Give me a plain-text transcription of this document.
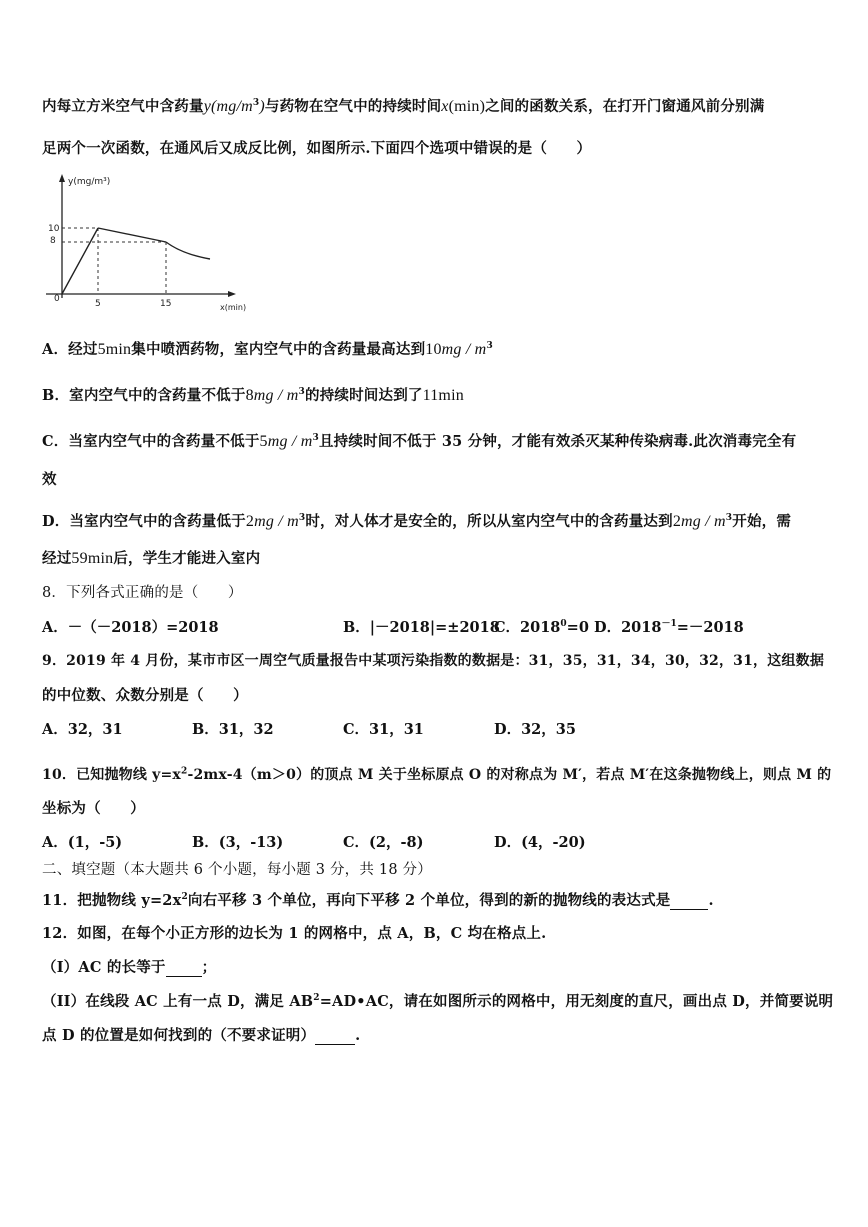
内每立方米空气中含药量$y(mg/m^3)$与药物在空气中的持续时间x(min)之间的函数关系，在打开门窗通风前分别满
足两个一次函数，在通风后又成反比例，如图所示.下面四个选项中错误的是（　　）
y(mg/m³)
10
8
0	5	15	x(min)
A．经过5min集中喷洒药物，室内空气中的含药量最高达到$10mg / m^3$
B．室内空气中的含药量不低于$8mg / m^3$的持续时间达到了11min
C．当室内空气中的含药量不低于$5mg / m^3$且持续时间不低于 35 分钟，才能有效杀灭某种传染病毒.此次消毒完全有
效
D．当室内空气中的含药量低于$2mg / m^3$时，对人体才是安全的，所以从室内空气中的含药量达到$2mg / m^3$开始，需
经过59min后，学生才能进入室内
8．下列各式正确的是（　　）
A．－（－2018）=2018	B．|－2018|=±2018
C．$2018^0=0$ D．$2018^{-1}=-2018$
9．2019 年 4 月份，某市市区一周空气质量报告中某项污染指数的数据是：31，35，31，34，30，32，31，这组数据
的中位数、众数分别是（　　）
A．32，31	B．31，32	C．31，31	D．32，35
10．已知抛物线 $y=x^2-2mx-4(m>0)$的顶点 M 关于坐标原点 O 的对称点为 M′，若点 M′在这条抛物线上，则点 M 的
坐标为（　　）
A．(1，-5)	B．(3，-13)	C．(2，-8)	D．(4，-20)
二、填空题（本大题共 6 个小题，每小题 3 分，共 18 分）
11．把抛物线 $y=2x^2$向右平移 3 个单位，再向下平移 2 个单位，得到的新的抛物线的表达式是	.
12．如图，在每个小正方形的边长为 1 的网格中，点 A，B，C 均在格点上.
（I）AC 的长等于 ；
（II）在线段 AC 上有一点 D，满足 $AB^2=AD•AC$，请在如图所示的网格中，用无刻度的直尺，画出点 D，并简要说明
点 D 的位置是如何找到的（不要求证明）	.
